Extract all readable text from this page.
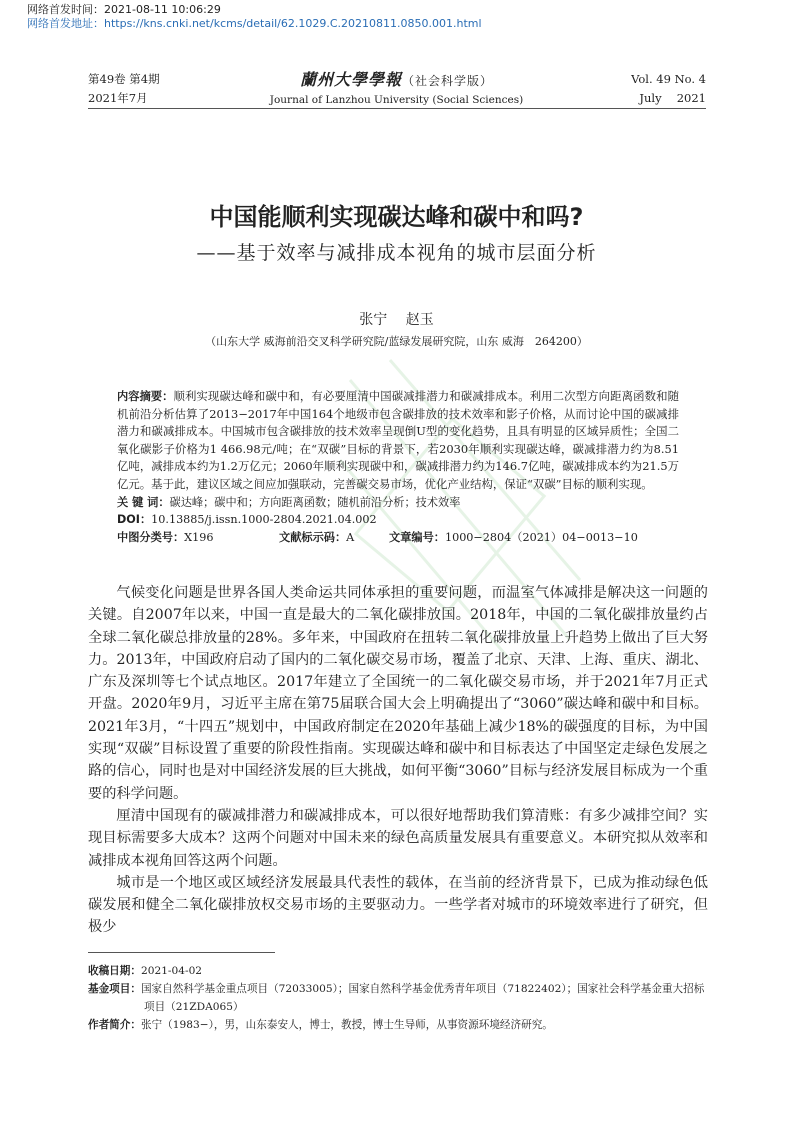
网络首发时间：2021-08-11 10:06:29
网络首发地址：https://kns.cnki.net/kcms/detail/62.1029.C.20210811.0850.001.html
第49卷 第4期
2021年7月
蘭州大學學報（社会科学版）
Journal of Lanzhou University (Social Sciences)
Vol. 49 No. 4
July　 2021
中国能顺利实现碳达峰和碳中和吗?
——基于效率与减排成本视角的城市层面分析
张宁 赵玉
（山东大学 威海前沿交叉科学研究院/蓝绿发展研究院，山东 威海　264200）
内容摘要：顺利实现碳达峰和碳中和，有必要厘清中国碳减排潜力和碳减排成本。利用二次型方向距离函数和随机前沿分析估算了2013−2017年中国164个地级市包含碳排放的技术效率和影子价格，从而讨论中国的碳减排潜力和碳减排成本。中国城市包含碳排放的技术效率呈现倒U型的变化趋势，且具有明显的区域异质性；全国二氧化碳影子价格为1 466.98元/吨；在“双碳”目标的背景下，若2030年顺利实现碳达峰，碳减排潜力约为8.51亿吨，减排成本约为1.2万亿元；2060年顺利实现碳中和，碳减排潜力约为146.7亿吨，碳减排成本约为21.5万亿元。基于此，建议区域之间应加强联动，完善碳交易市场，优化产业结构，保证“双碳”目标的顺利实现。
关 键 词：碳达峰；碳中和；方向距离函数；随机前沿分析；技术效率
DOI：10.13885/j.issn.1000-2804.2021.04.002
中图分类号：X196	文献标示码：A	文章编号：1000−2804（2021）04−0013−10

气候变化问题是世界各国人类命运共同体承担的重要问题，而温室气体减排是解决这一问题的关键。自2007年以来，中国一直是最大的二氧化碳排放国。2018年，中国的二氧化碳排放量约占全球二氧化碳总排放量的28%。多年来，中国政府在扭转二氧化碳排放量上升趋势上做出了巨大努力。2013年，中国政府启动了国内的二氧化碳交易市场，覆盖了北京、天津、上海、重庆、湖北、广东及深圳等七个试点地区。2017年建立了全国统一的二氧化碳交易市场，并于2021年7月正式开盘。2020年9月，习近平主席在第75届联合国大会上明确提出了“3060”碳达峰和碳中和目标。2021年3月，“十四五”规划中，中国政府制定在2020年基础上减少18%的碳强度的目标，为中国实现“双碳”目标设置了重要的阶段性指南。实现碳达峰和碳中和目标表达了中国坚定走绿色发展之路的信心，同时也是对中国经济发展的巨大挑战，如何平衡“3060”目标与经济发展目标成为一个重要的科学问题。

厘清中国现有的碳减排潜力和碳减排成本，可以很好地帮助我们算清账：有多少减排空间？实现目标需要多大成本？这两个问题对中国未来的绿色高质量发展具有重要意义。本研究拟从效率和减排成本视角回答这两个问题。

城市是一个地区或区域经济发展最具代表性的载体，在当前的经济背景下，已成为推动绿色低碳发展和健全二氧化碳排放权交易市场的主要驱动力。一些学者对城市的环境效率进行了研究，但极少

收稿日期：2021-04-02
基金项目：国家自然科学基金重点项目（72033005）；国家自然科学基金优秀青年项目（71822402）；国家社会科学基金重大招标项目（21ZDA065）
作者简介：张宁（1983−），男，山东泰安人，博士，教授，博士生导师，从事资源环境经济研究。
